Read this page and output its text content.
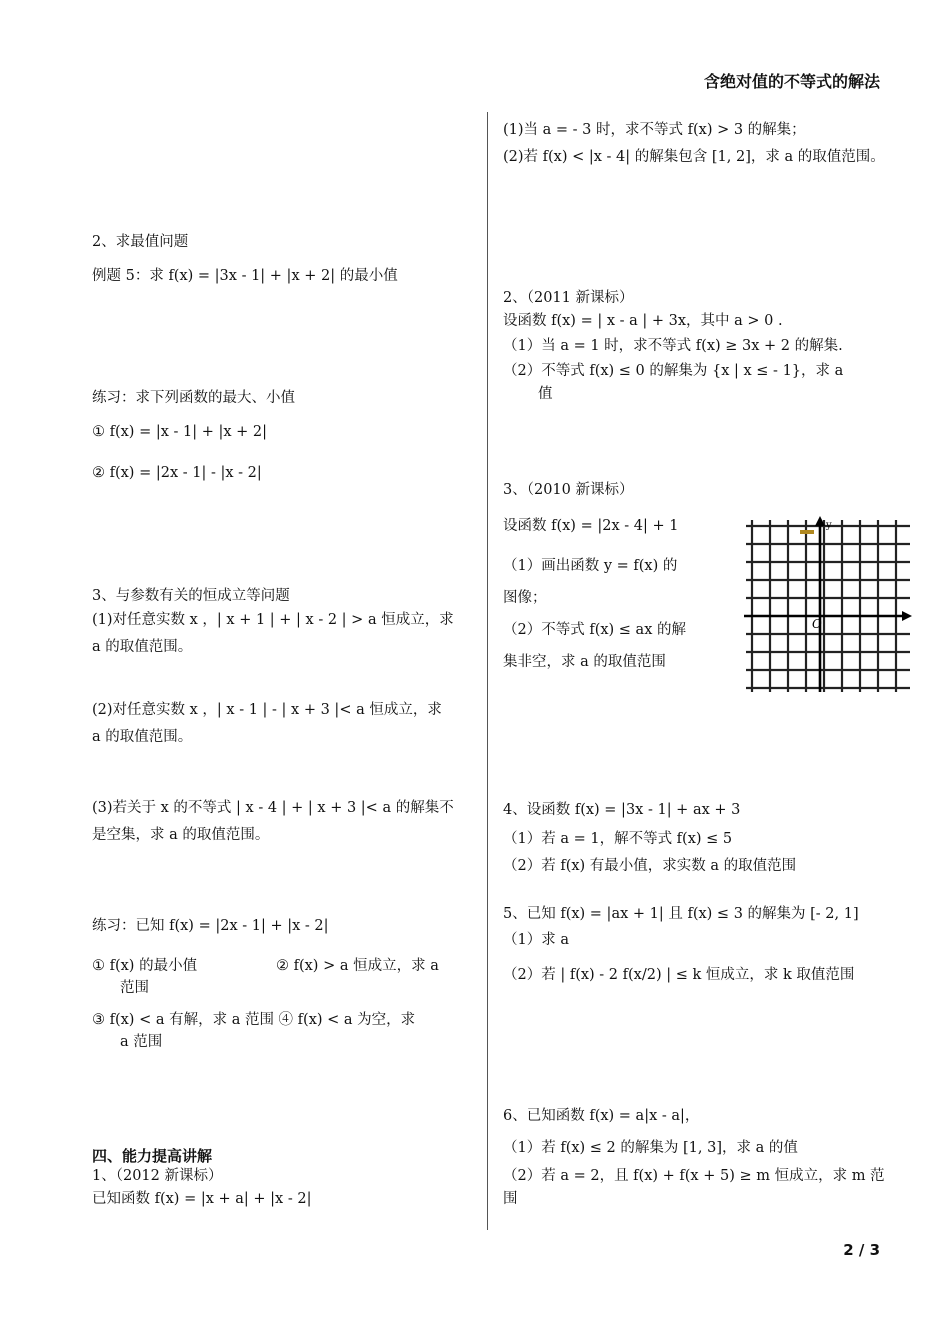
含绝对值的不等式的解法
2、求最值问题
例题 5：求 f(x) = |3x - 1| + |x + 2| 的最小值
练习：求下列函数的最大、小值
① f(x) = |x - 1| + |x + 2|
② f(x) = |2x - 1| - |x - 2|
3、与参数有关的恒成立等问题
(1)对任意实数 x ，| x + 1 | + | x - 2 | > a 恒成立，求
a 的取值范围。
(2)对任意实数 x ，| x - 1 | - | x + 3 |< a 恒成立，求
a 的取值范围。
(3)若关于 x 的不等式 | x - 4 | + | x + 3 |< a 的解集不
是空集，求 a 的取值范围。
练习：已知 f(x) = |2x - 1| + |x - 2|
① f(x) 的最小值	② f(x) > a 恒成立，求 a
范围
③ f(x) < a 有解，求 a 范围 ④ f(x) < a 为空，求
a 范围
四、能力提高讲解
1、（2012 新课标）
已知函数 f(x) = |x + a| + |x - 2|
(1)当 a = - 3 时，求不等式 f(x) > 3 的解集；
(2)若 f(x) < |x - 4| 的解集包含 [1, 2]，求 a 的取值范围。
2、（2011 新课标）
设函数 f(x) = | x - a | + 3x，其中 a > 0 .
（1）当 a = 1 时，求不等式 f(x) ≥ 3x + 2 的解集.
（2）不等式 f(x) ≤ 0 的解集为 {x | x ≤ - 1}，求 a
值
3、（2010 新课标）
设函数 f(x) = |2x - 4| + 1
（1）画出函数 y = f(x) 的
图像；
（2）不等式 f(x) ≤ ax 的解
集非空，求 a 的取值范围
y
O
4、设函数 f(x) = |3x - 1| + ax + 3
（1）若 a = 1，解不等式 f(x) ≤ 5
（2）若 f(x) 有最小值，求实数 a 的取值范围
5、已知 f(x) = |ax + 1| 且 f(x) ≤ 3 的解集为 [- 2, 1]
（1）求 a
（2）若 | f(x) - 2 f(x/2) | ≤ k 恒成立，求 k 取值范围
6、已知函数 f(x) = a|x - a|，
（1）若 f(x) ≤ 2 的解集为 [1, 3]，求 a 的值
（2）若 a = 2，且 f(x) + f(x + 5) ≥ m 恒成立，求 m 范
围
2 / 3
